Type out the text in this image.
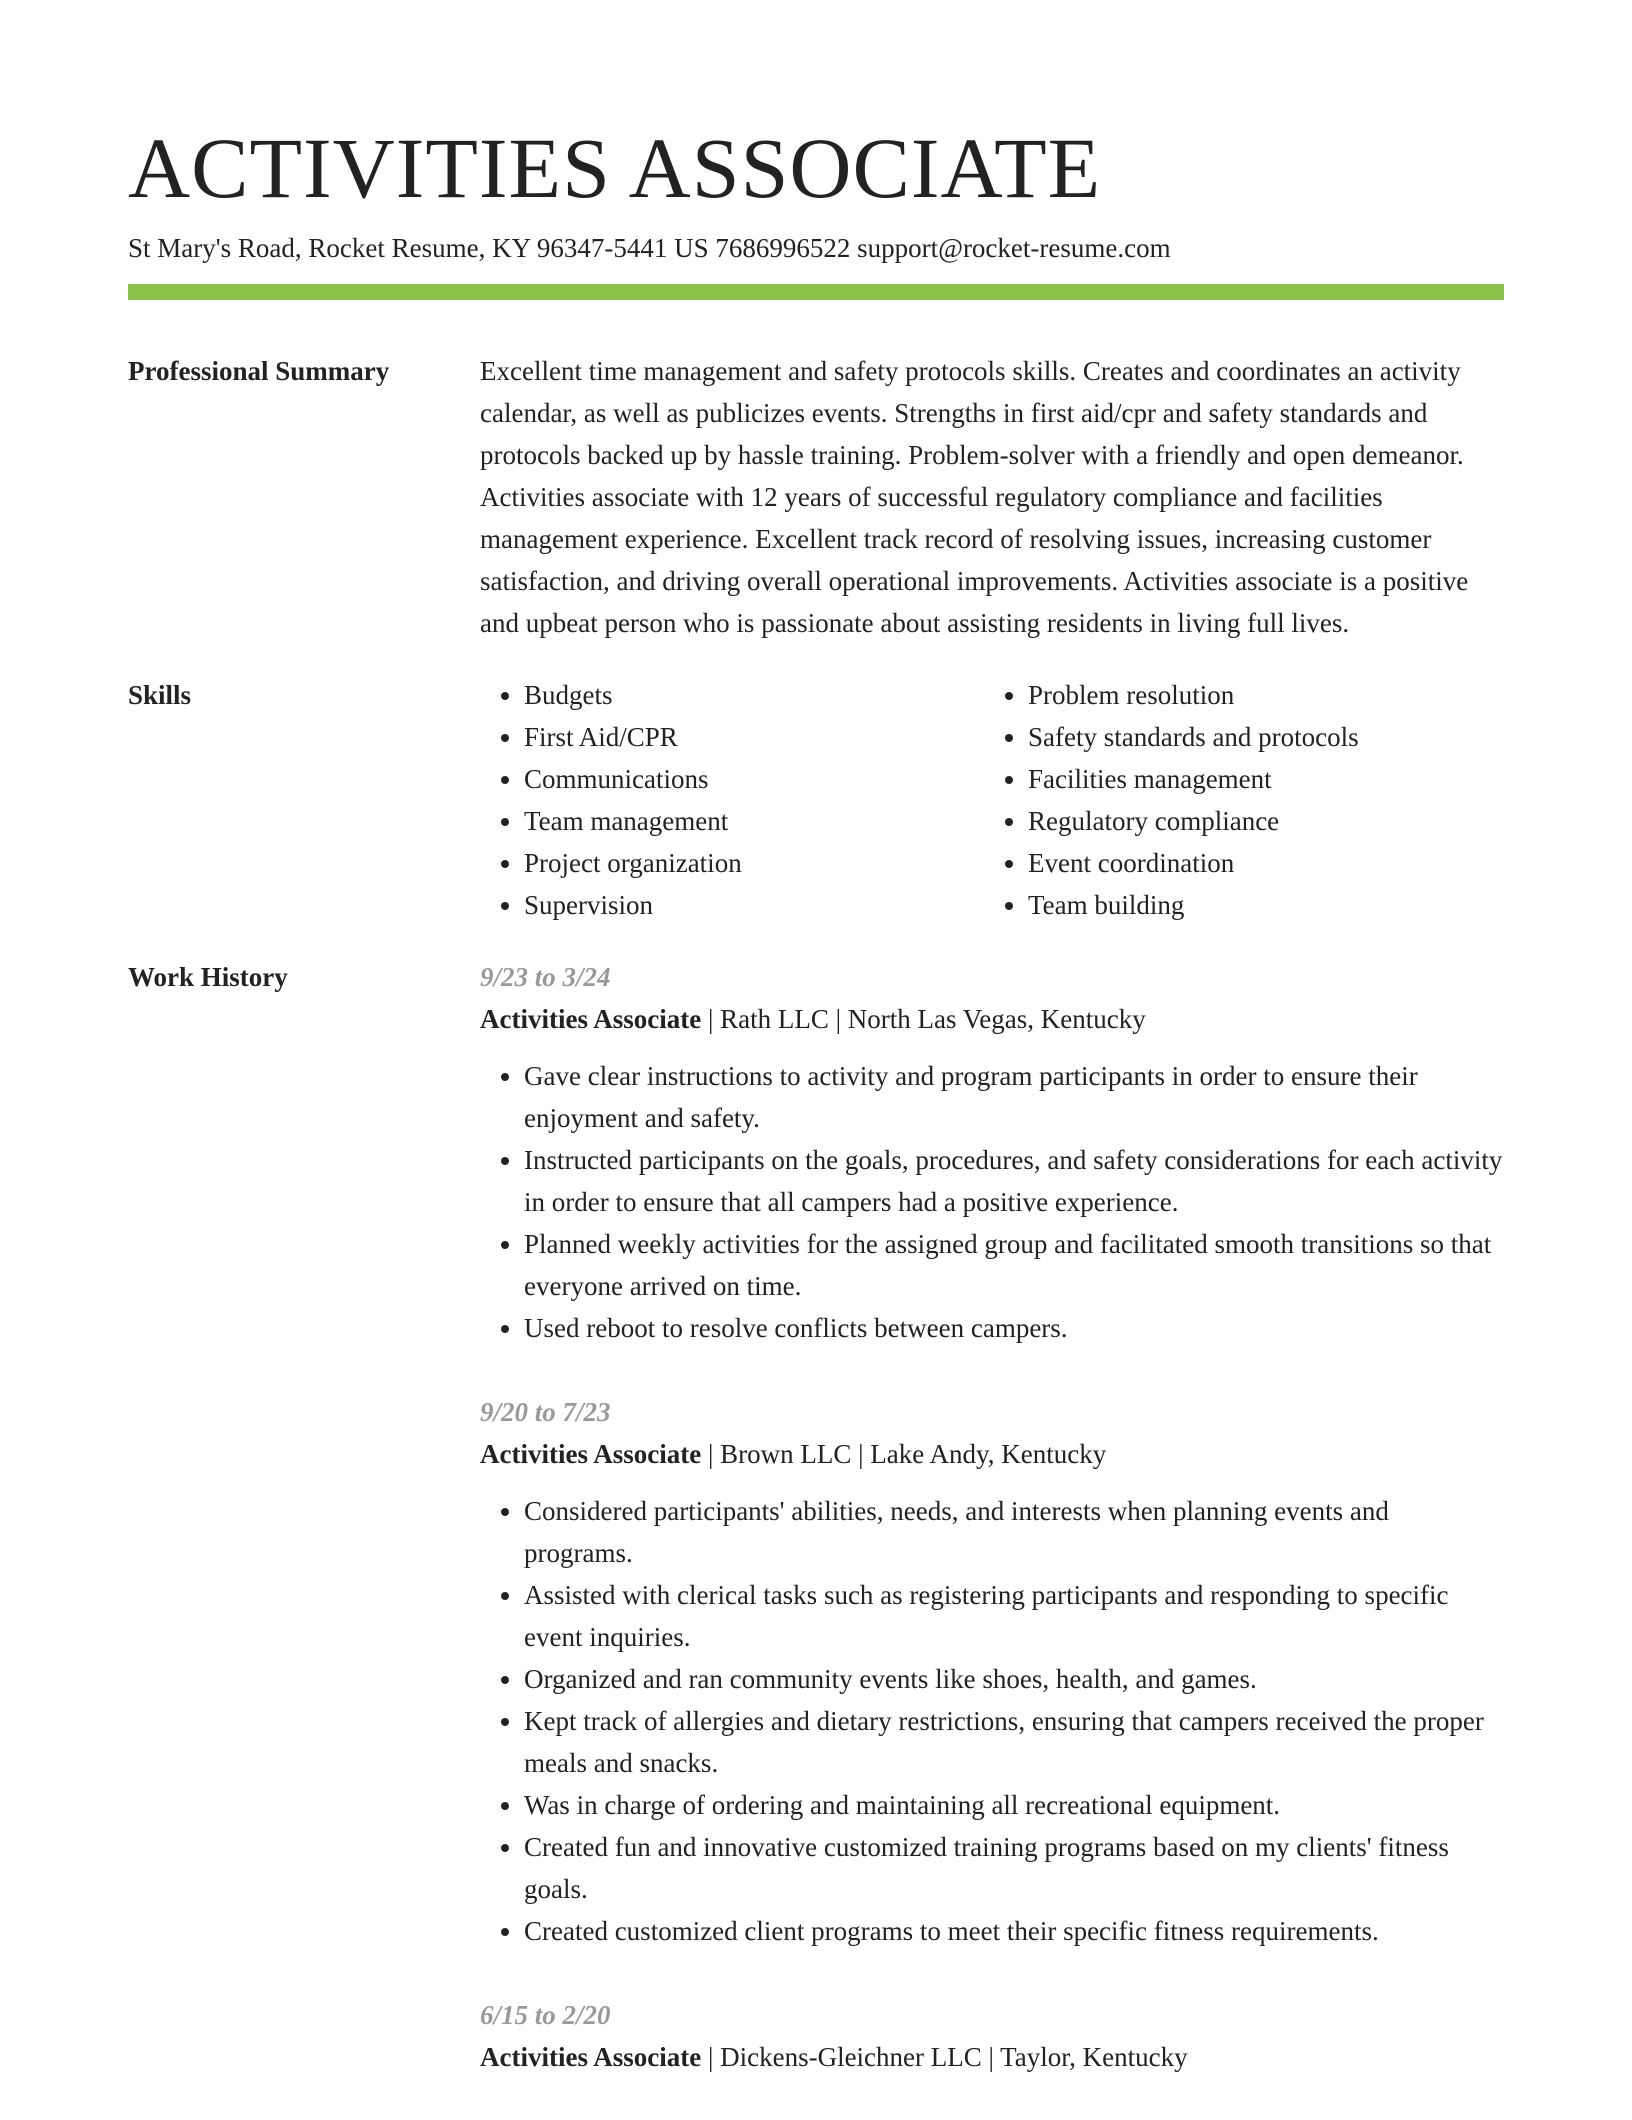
ACTIVITIES ASSOCIATE
St Mary's Road, Rocket Resume, KY 96347-5441 US 7686996522 support@rocket-resume.com
Professional Summary	Excellent time management and safety protocols skills. Creates and coordinates an activity calendar, as well as publicizes events. Strengths in first aid/cpr and safety standards and protocols backed up by hassle training. Problem-solver with a friendly and open demeanor. Activities associate with 12 years of successful regulatory compliance and facilities management experience. Excellent track record of resolving issues, increasing customer satisfaction, and driving overall operational improvements. Activities associate is a positive and upbeat person who is passionate about assisting residents in living full lives.

Skills
•	Budgets
• First Aid/CPR
• Communications
• Team management
• Project organization
• Supervision
• Problem resolution
• Safety standards and protocols
• Facilities management
• Regulatory compliance
• Event coordination
• Team building
Work History	9/23 to 3/24
Activities Associate | Rath LLC | North Las Vegas, Kentucky
• Gave clear instructions to activity and program participants in order to ensure their enjoyment and safety.
• Instructed participants on the goals, procedures, and safety considerations for each activity in order to ensure that all campers had a positive experience.
• Planned weekly activities for the assigned group and facilitated smooth transitions so that everyone arrived on time.
• Used reboot to resolve conflicts between campers.
9/20 to 7/23
Activities Associate | Brown LLC | Lake Andy, Kentucky
• Considered participants' abilities, needs, and interests when planning events and programs.
• Assisted with clerical tasks such as registering participants and responding to specific event inquiries.
• Organized and ran community events like shoes, health, and games.
• Kept track of allergies and dietary restrictions, ensuring that campers received the proper meals and snacks.
• Was in charge of ordering and maintaining all recreational equipment.
• Created fun and innovative customized training programs based on my clients' fitness goals.
• Created customized client programs to meet their specific fitness requirements.
6/15 to 2/20
Activities Associate | Dickens-Gleichner LLC | Taylor, Kentucky
